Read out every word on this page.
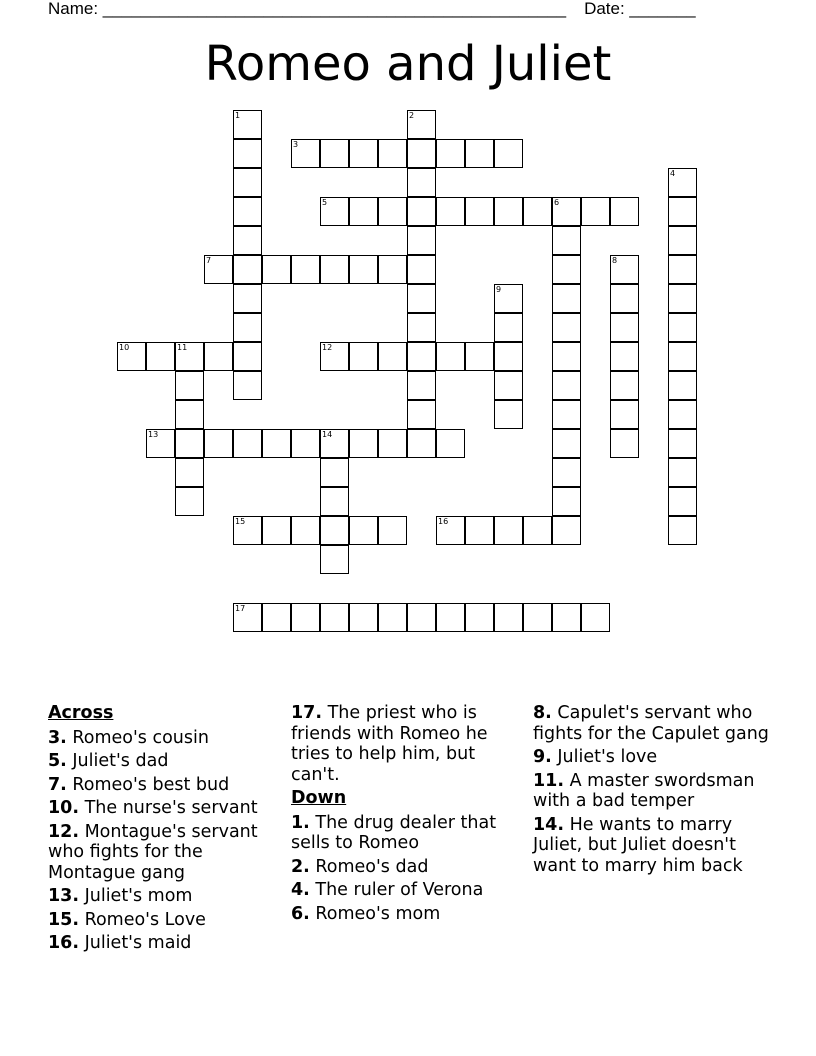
Name: _________________________________________________ Date: _______
Romeo and Juliet
1	2
3
4
5	6
7	8
9
10	11	12
13	14
15	16
17
Across
3. Romeo's cousin
5. Juliet's dad
7. Romeo's best bud
10. The nurse's servant
12. Montague's servant who fights for the Montague gang
13. Juliet's mom
15. Romeo's Love
16. Juliet's maid
17. The priest who is friends with Romeo he tries to help him, but can't.
Down
1. The drug dealer that sells to Romeo
2. Romeo's dad
4. The ruler of Verona
6. Romeo's mom
8. Capulet's servant who fights for the Capulet gang
9. Juliet's love
11. A master swordsman with a bad temper
14. He wants to marry Juliet, but Juliet doesn't want to marry him back
